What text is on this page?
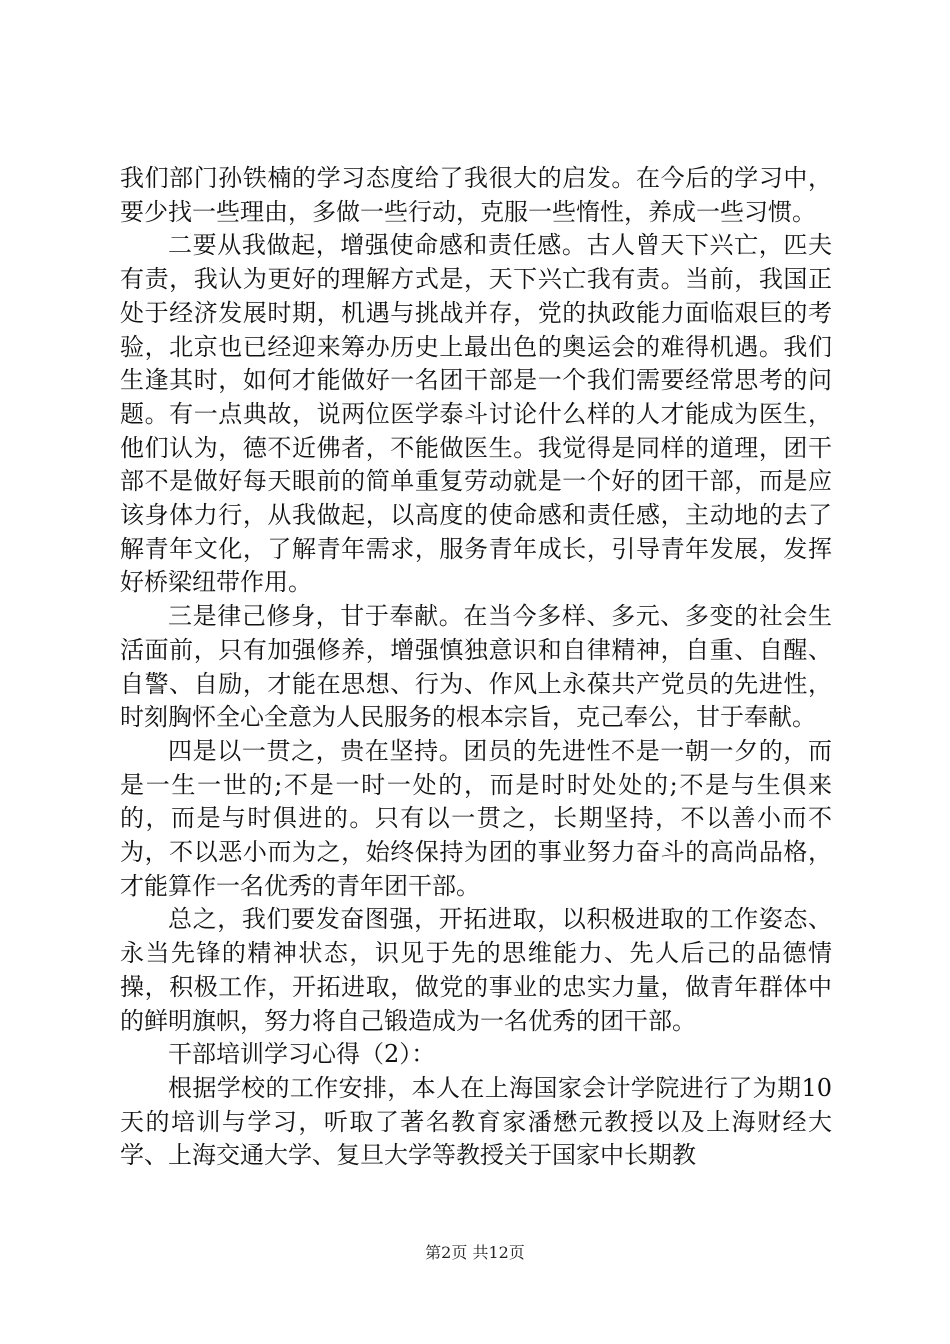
我们部门孙铁楠的学习态度给了我很大的启发。在今后的学习中，要少找一些理由，多做一些行动，克服一些惰性，养成一些习惯。

二要从我做起，增强使命感和责任感。古人曾天下兴亡，匹夫有责，我认为更好的理解方式是，天下兴亡我有责。当前，我国正处于经济发展时期，机遇与挑战并存，党的执政能力面临艰巨的考验，北京也已经迎来筹办历史上最出色的奥运会的难得机遇。我们生逢其时，如何才能做好一名团干部是一个我们需要经常思考的问题。有一点典故，说两位医学泰斗讨论什么样的人才能成为医生，他们认为，德不近佛者，不能做医生。我觉得是同样的道理，团干部不是做好每天眼前的简单重复劳动就是一个好的团干部，而是应该身体力行，从我做起，以高度的使命感和责任感，主动地的去了解青年文化，了解青年需求，服务青年成长，引导青年发展，发挥好桥梁纽带作用。

三是律己修身，甘于奉献。在当今多样、多元、多变的社会生活面前，只有加强修养，增强慎独意识和自律精神，自重、自醒、自警、自励，才能在思想、行为、作风上永葆共产党员的先进性，时刻胸怀全心全意为人民服务的根本宗旨，克己奉公，甘于奉献。

四是以一贯之，贵在坚持。团员的先进性不是一朝一夕的，而是一生一世的;不是一时一处的，而是时时处处的;不是与生俱来的，而是与时俱进的。只有以一贯之，长期坚持，不以善小而不为，不以恶小而为之，始终保持为团的事业努力奋斗的高尚品格，才能算作一名优秀的青年团干部。

总之，我们要发奋图强，开拓进取，以积极进取的工作姿态、永当先锋的精神状态，识见于先的思维能力、先人后己的品德情操，积极工作，开拓进取，做党的事业的忠实力量，做青年群体中的鲜明旗帜，努力将自己锻造成为一名优秀的团干部。

干部培训学习心得（2）：

根据学校的工作安排，本人在上海国家会计学院进行了为期10天的培训与学习，听取了著名教育家潘懋元教授以及上海财经大学、上海交通大学、复旦大学等教授关于国家中长期教

第2页 共12页
